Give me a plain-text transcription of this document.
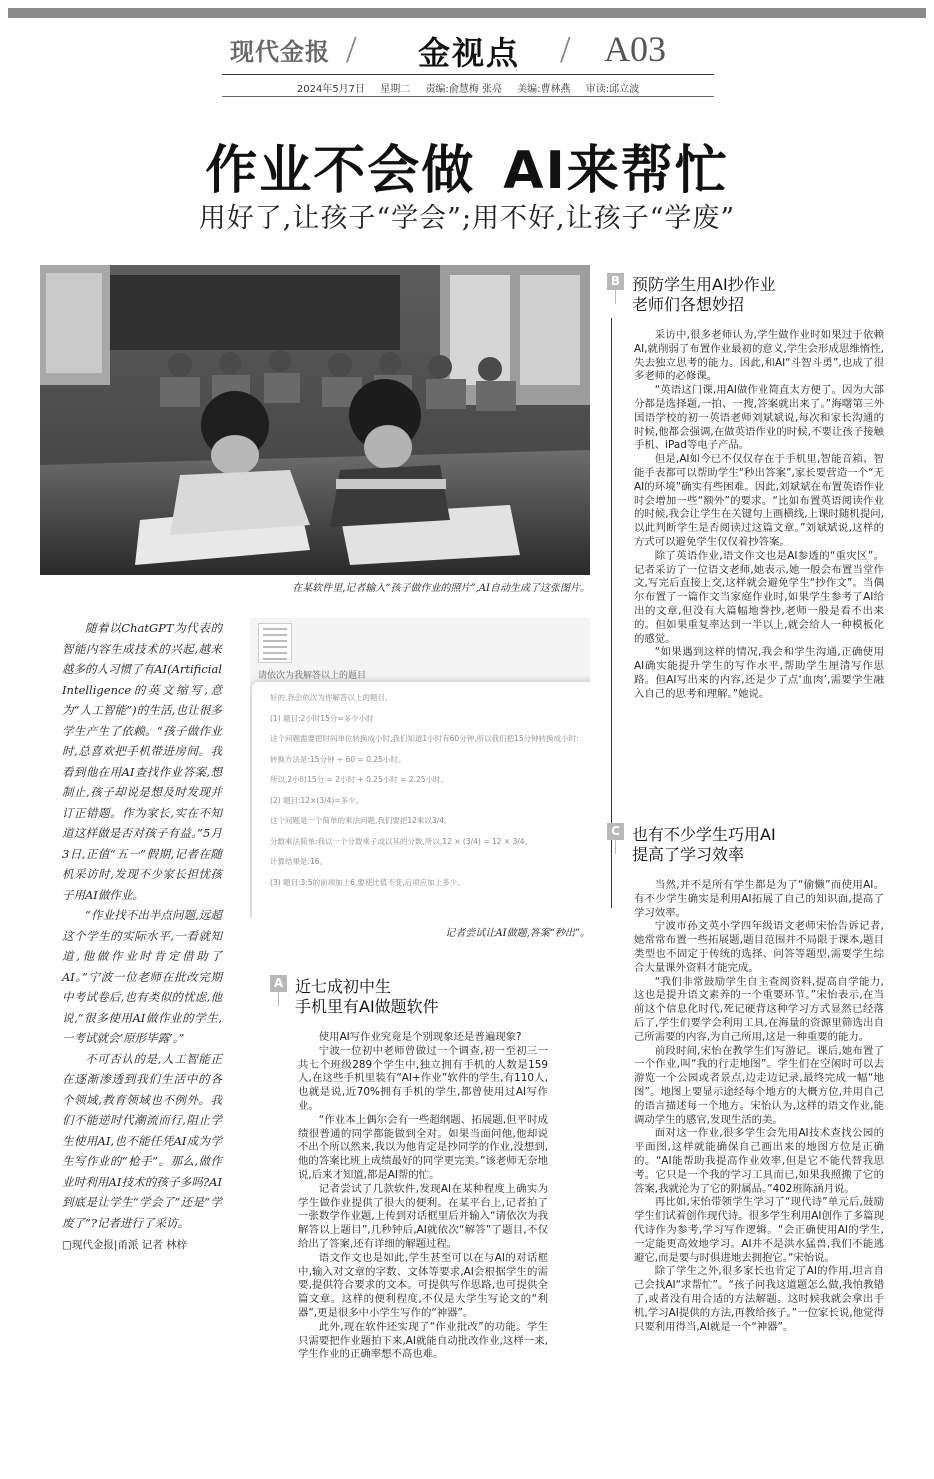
现代金报 / 金视点 / A03
2024年5月7日 星期二 责编:俞慧梅 张亮 美编:曹林燕 审读:邱立波
作业不会做 AI来帮忙
用好了,让孩子“学会”;用不好,让孩子“学废”
在某软件里,记者输入“孩子做作业的照片”,AI自动生成了这张图片。

随着以ChatGPT为代表的智能内容生成技术的兴起,越来越多的人习惯了有AI(Artificial Intelligence的英文缩写,意为“人工智能”)的生活,也让很多学生产生了依赖。“孩子做作业时,总喜欢把手机带进房间。我看到他在用AI查找作业答案,想制止,孩子却说是想及时发现并订正错题。作为家长,实在不知道这样做是否对孩子有益。”5月3日,正值“五一”假期,记者在随机采访时,发现不少家长担忧孩子用AI做作业。

“作业找不出半点问题,远超这个学生的实际水平,一看就知道,他做作业时肯定借助了AI。”宁波一位老师在批改完期中考试卷后,也有类似的忧虑,他说,“很多使用AI做作业的学生,一考试就会‘原形毕露’。”

不可否认的是,人工智能正在逐渐渗透到我们生活中的各个领域,教育领域也不例外。我们不能逆时代潮流而行,阻止学生使用AI,也不能任凭AI成为学生写作业的“枪手”。那么,做作业时利用AI技术的孩子多吗?AI到底是让学生“学会了”还是“学废了”?记者进行了采访。

□现代金报|甬派 记者 林梓

请依次为我解答以上的题目
好的,我会依次为你解答以上的题目。
(1) 题目:2小时15分=多少小时
这个问题需要把时间单位转换成小时,我们知道1小时有60分钟,所以我们把15分钟转换成小时:
转换方法是:15分钟 ÷ 60 = 0.25小时。
所以,2小时15分 = 2小时 + 0.25小时 = 2.25小时。
(2) 题目:12×(3/4)=多少。
这个问题是一个简单的乘法问题,我们要把12乘以3/4。
分数乘法简单:我以一个分数乘子或以其的分数,所以,12 × (3/4) = 12 × 3/4。
计算结果是:16。
(3) 题目:3:5的前项加上6,要使比值不变,后项应加上多少。
记者尝试让AI做题,答案“秒出”。
A 近七成初中生
手机里有AI做题软件

使用AI写作业究竟是个别现象还是普遍现象?

宁波一位初中老师曾做过一个调查,初一至初三一共七个班级289个学生中,独立拥有手机的人数是159人,在这些手机里装有“AI+作业”软件的学生,有110人,也就是说,近70%拥有手机的学生,都曾使用过AI写作业。

“作业本上偶尔会有一些超纲题、拓展题,但平时成绩很普通的同学都能做到全对。如果当面问他,他却说不出个所以然来,我以为他肯定是抄同学的作业,没想到,他的答案比班上成绩最好的同学更完美。”该老师无奈地说,后来才知道,都是AI帮的忙。

记者尝试了几款软件,发现AI在某种程度上确实为学生做作业提供了很大的便利。在某平台上,记者拍了一张数学作业题,上传到对话框里后并输入“请依次为我解答以上题目”,几秒钟后,AI就依次“解答”了题目,不仅给出了答案,还有详细的解题过程。

语文作文也是如此,学生甚至可以在与AI的对话框中,输入对文章的字数、文体等要求,AI会根据学生的需要,提供符合要求的文本。可提供写作思路,也可提供全篇文章。这样的便利程度,不仅是大学生写论文的“利器”,更是很多中小学生写作的“神器”。

此外,现在软件还实现了“作业批改”的功能。学生只需要把作业题拍下来,AI就能自动批改作业,这样一来,学生作业的正确率想不高也难。

B 预防学生用AI抄作业
老师们各想妙招

采访中,很多老师认为,学生做作业时如果过于依赖AI,就削弱了布置作业最初的意义,学生会形成思维惰性,失去独立思考的能力。因此,和AI“斗智斗勇”,也成了很多老师的必修课。

“英语这门课,用AI做作业简直太方便了。因为大部分都是选择题,一拍、一搜,答案就出来了。”海曙第三外国语学校的初一英语老师刘斌斌说,每次和家长沟通的时候,他都会强调,在做英语作业的时候,不要让孩子接触手机、iPad等电子产品。

但是,AI如今已不仅仅存在于手机里,智能音箱、智能手表都可以帮助学生“秒出答案”,家长要营造一个“无AI的环境”确实有些困难。因此,刘斌斌在布置英语作业时会增加一些“额外”的要求。“比如布置英语阅读作业的时候,我会让学生在关键句上画横线,上课时随机提问,以此判断学生是否阅读过这篇文章。”刘斌斌说,这样的方式可以避免学生仅仅着抄答案。

除了英语作业,语文作文也是AI参透的“重灾区”。记者采访了一位语文老师,她表示,她一般会布置当堂作文,写完后直接上交,这样就会避免学生“抄作文”。当偶尔布置了一篇作文当家庭作业时,如果学生参考了AI给出的文章,但没有大篇幅地誊抄,老师一般是看不出来的。但如果重复率达到一半以上,就会给人一种模板化的感觉。

“如果遇到这样的情况,我会和学生沟通,正确使用AI确实能提升学生的写作水平,帮助学生厘清写作思路。但AI写出来的内容,还是少了点‘血肉’,需要学生融入自己的思考和理解。”她说。

C 也有不少学生巧用AI
提高了学习效率

当然,并不是所有学生都是为了“偷懒”而使用AI。有不少学生确实是利用AI拓展了自己的知识面,提高了学习效率。

宁波市孙文英小学四年级语文老师宋怡告诉记者,她常常布置一些拓展题,题目范围并不局限于课本,题目类型也不固定于传统的选择、问答等题型,需要学生综合大量课外资料才能完成。

“我们非常鼓励学生自主查阅资料,提高自学能力,这也是提升语文素养的一个重要环节。”宋怡表示,在当前这个信息化时代,死记硬背这种学习方式显然已经落后了,学生们要学会利用工具,在海量的资源里筛选出自己所需要的内容,为自己所用,这是一种重要的能力。

前段时间,宋怡在教学生们写游记。课后,她布置了一个作业,叫“我的行走地图”。学生们在空闲时可以去游览一个公园或者景点,边走边记录,最终完成一幅“地图”。地图上要显示途经每个地方的大概方位,并用自己的语言描述每一个地方。宋怡认为,这样的语文作业,能调动学生的感官,发现生活的美。

面对这一作业,很多学生会先用AI技术查找公园的平面图,这样就能确保自己画出来的地图方位是正确的。“AI能帮助我提高作业效率,但是它不能代替我思考。它只是一个我的学习工具而已,如果我照搬了它的答案,我就沦为了它的附属品。”402班陈涵月说。

再比如,宋怡带领学生学习了“现代诗”单元后,鼓励学生们试着创作现代诗。很多学生利用AI创作了多篇现代诗作为参考,学习写作逻辑。“会正确使用AI的学生,一定能更高效地学习。AI并不是洪水猛兽,我们不能逃避它,而是要与时俱进地去拥抱它。”宋怡说。

除了学生之外,很多家长也肯定了AI的作用,坦言自己会找AI“求帮忙”。“孩子问我这道题怎么做,我怕教错了,或者没有用合适的方法解题。这时候我就会拿出手机,学习AI提供的方法,再教给孩子。”一位家长说,他觉得只要利用得当,AI就是一个“神器”。
